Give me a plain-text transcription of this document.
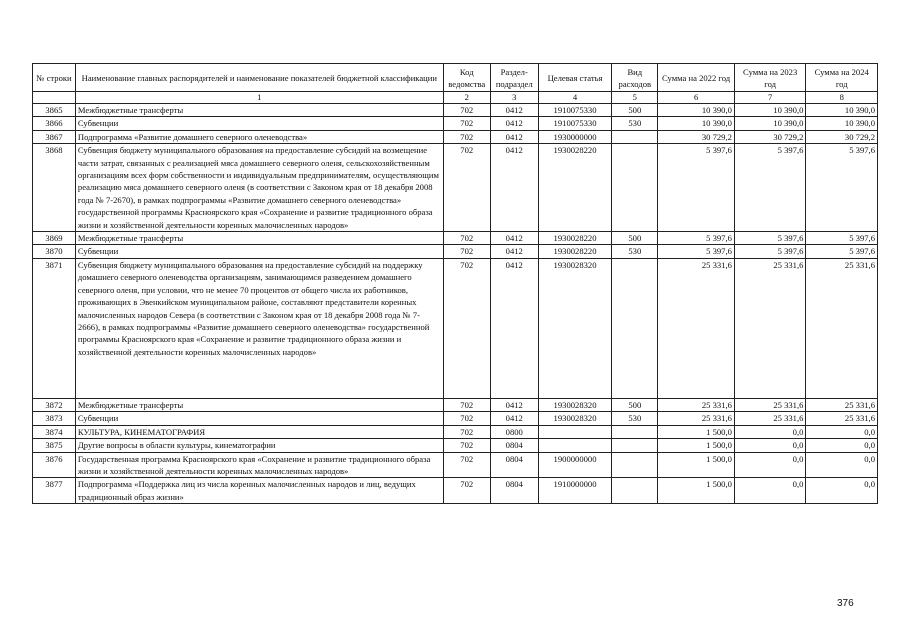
№ строки	Наименование главных распорядителей и наименование показателей бюджетной классификации	Код ведомства	Раздел-подраздел	Целевая статья	Вид расходов	Сумма на 2022 год	Сумма на 2023 год	Сумма на 2024 год
	1	2	3	4	5	6	7	8
3865	Межбюджетные трансферты	702	0412	1910075330	500	10 390,0	10 390,0	10 390,0
3866	Субвенции	702	0412	1910075330	530	10 390,0	10 390,0	10 390,0
3867	Подпрограмма «Развитие домашнего северного оленеводства»	702	0412	1930000000		30 729,2	30 729,2	30 729,2
3868	Субвенция бюджету муниципального образования на предоставление субсидий на возмещение части затрат, связанных с реализацией мяса домашнего северного оленя, сельскохозяйственным организациям всех форм собственности и индивидуальным предпринимателям, осуществляющим реализацию мяса домашнего северного оленя (в соответствии с Законом края от 18 декабря 2008 года № 7-2670), в рамках подпрограммы «Развитие домашнего северного оленеводства» государственной программы Красноярского края «Сохранение и развитие традиционного образа жизни и хозяйственной деятельности коренных малочисленных народов»	702	0412	1930028220		5 397,6	5 397,6	5 397,6
3869	Межбюджетные трансферты	702	0412	1930028220	500	5 397,6	5 397,6	5 397,6
3870	Субвенции	702	0412	1930028220	530	5 397,6	5 397,6	5 397,6
3871	Субвенция бюджету муниципального образования на предоставление субсидий на поддержку домашнего северного оленеводства организациям, занимающимся разведением домашнего северного оленя, при условии, что не менее 70 процентов от общего числа их работников, проживающих в Эвенкийском муниципальном районе, составляют представители коренных малочисленных народов Севера (в соответствии с Законом края от 18 декабря 2008 года № 7-2666), в рамках подпрограммы «Развитие домашнего северного оленеводства» государственной программы Красноярского края «Сохранение и развитие традиционного образа жизни и хозяйственной деятельности коренных малочисленных народов»	702	0412	1930028320		25 331,6	25 331,6	25 331,6
3872	Межбюджетные трансферты	702	0412	1930028320	500	25 331,6	25 331,6	25 331,6
3873	Субвенции	702	0412	1930028320	530	25 331,6	25 331,6	25 331,6
3874	КУЛЬТУРА, КИНЕМАТОГРАФИЯ	702	0800			1 500,0	0,0	0,0
3875	Другие вопросы в области культуры, кинематографии	702	0804			1 500,0	0,0	0,0
3876	Государственная программа Красноярского края «Сохранение и развитие традиционного образа жизни и хозяйственной деятельности коренных малочисленных народов»	702	0804	1900000000		1 500,0	0,0	0,0
3877	Подпрограмма «Поддержка лиц из числа коренных малочисленных народов и лиц, ведущих традиционный образ жизни»	702	0804	1910000000		1 500,0	0,0	0,0
376
